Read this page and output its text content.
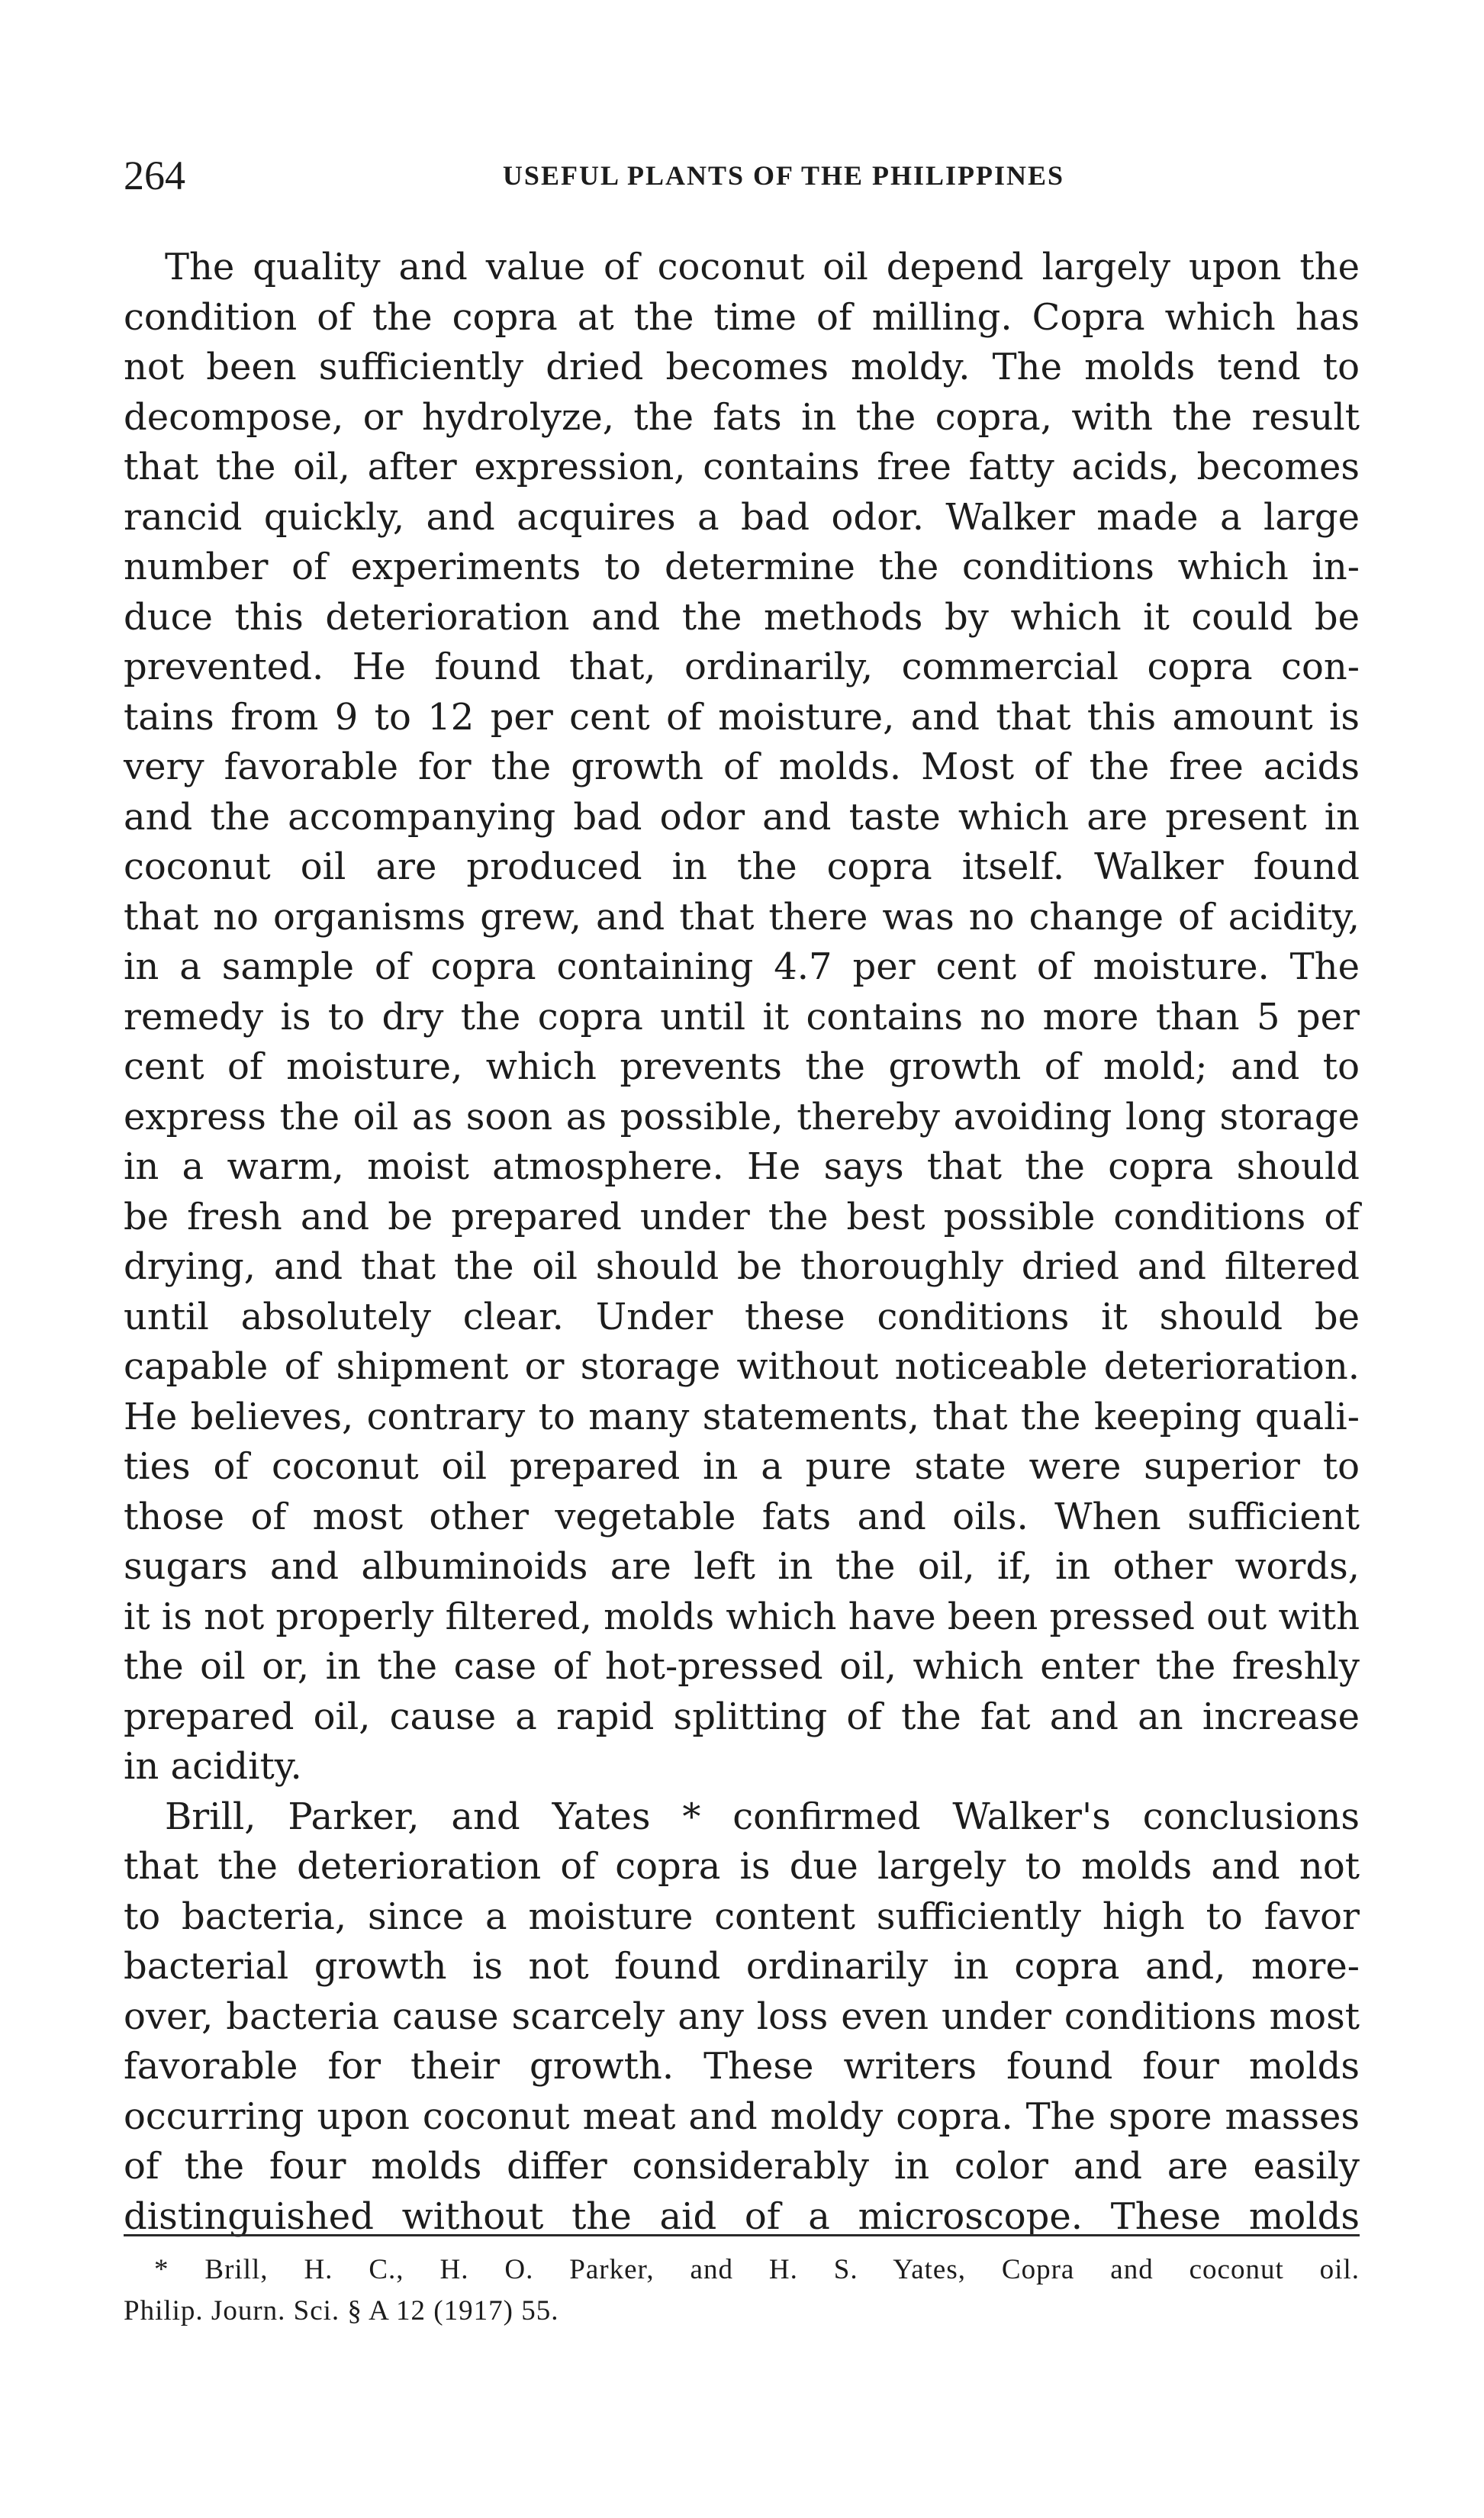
264	USEFUL PLANTS OF THE PHILIPPINES
The quality and value of coconut oil depend largely upon the
condition of the copra at the time of milling. Copra which has
not been sufficiently dried becomes moldy. The molds tend to
decompose, or hydrolyze, the fats in the copra, with the result
that the oil, after expression, contains free fatty acids, becomes
rancid quickly, and acquires a bad odor. Walker made a large
number of experiments to determine the conditions which in-
duce this deterioration and the methods by which it could be
prevented. He found that, ordinarily, commercial copra con-
tains from 9 to 12 per cent of moisture, and that this amount is
very favorable for the growth of molds. Most of the free acids
and the accompanying bad odor and taste which are present in
coconut oil are produced in the copra itself. Walker found
that no organisms grew, and that there was no change of acidity,
in a sample of copra containing 4.7 per cent of moisture. The
remedy is to dry the copra until it contains no more than 5 per
cent of moisture, which prevents the growth of mold; and to
express the oil as soon as possible, thereby avoiding long storage
in a warm, moist atmosphere. He says that the copra should
be fresh and be prepared under the best possible conditions of
drying, and that the oil should be thoroughly dried and filtered
until absolutely clear. Under these conditions it should be
capable of shipment or storage without noticeable deterioration.
He believes, contrary to many statements, that the keeping quali-
ties of coconut oil prepared in a pure state were superior to
those of most other vegetable fats and oils. When sufficient
sugars and albuminoids are left in the oil, if, in other words,
it is not properly filtered, molds which have been pressed out with
the oil or, in the case of hot-pressed oil, which enter the freshly
prepared oil, cause a rapid splitting of the fat and an increase
in acidity.
Brill, Parker, and Yates * confirmed Walker's conclusions
that the deterioration of copra is due largely to molds and not
to bacteria, since a moisture content sufficiently high to favor
bacterial growth is not found ordinarily in copra and, more-
over, bacteria cause scarcely any loss even under conditions most
favorable for their growth. These writers found four molds
occurring upon coconut meat and moldy copra. The spore masses
of the four molds differ considerably in color and are easily
distinguished without the aid of a microscope. These molds
* Brill, H. C., H. O. Parker, and H. S. Yates, Copra and coconut oil.
Philip. Journ. Sci. § A 12 (1917) 55.
